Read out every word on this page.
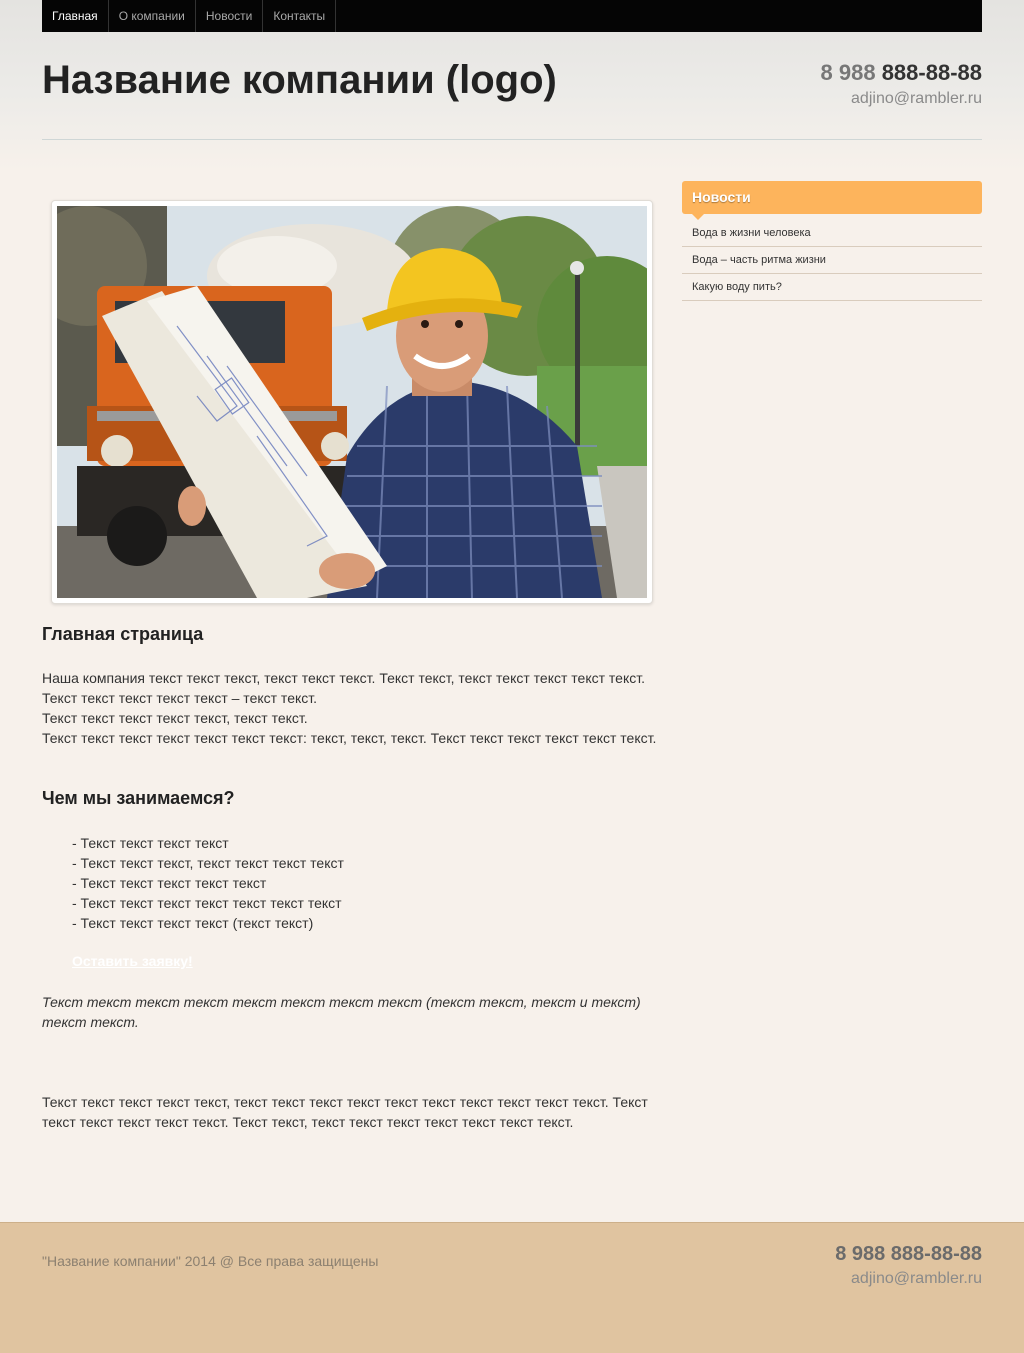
Главная	О компании	Новости	Контакты
Название компании (logo)	8 988 888-88-88
adjino@rambler.ru
Главная страница
Наша компания текст текст текст, текст текст текст. Текст текст, текст текст текст текст текст.
Текст текст текст текст текст – текст текст.
Текст текст текст текст текст, текст текст.
Текст текст текст текст текст текст текст: текст, текст, текст. Текст текст текст текст текст текст.
Чем мы занимаемся?
- Текст текст текст текст
- Текст текст текст, текст текст текст текст
- Текст текст текст текст текст
- Текст текст текст текст текст текст текст
- Текст текст текст текст (текст текст)
Оставить заявку!
Текст текст текст текст текст текст текст текст (текст текст, текст и текст) текст текст.
Текст текст текст текст текст, текст текст текст текст текст текст текст текст текст текст. Текст текст текст текст текст текст. Текст текст, текст текст текст текст текст текст текст.
Новости
Вода в жизни человека
Вода – часть ритма жизни
Какую воду пить?
"Название компании" 2014 @ Все права защищены	8 988 888-88-88
adjino@rambler.ru
